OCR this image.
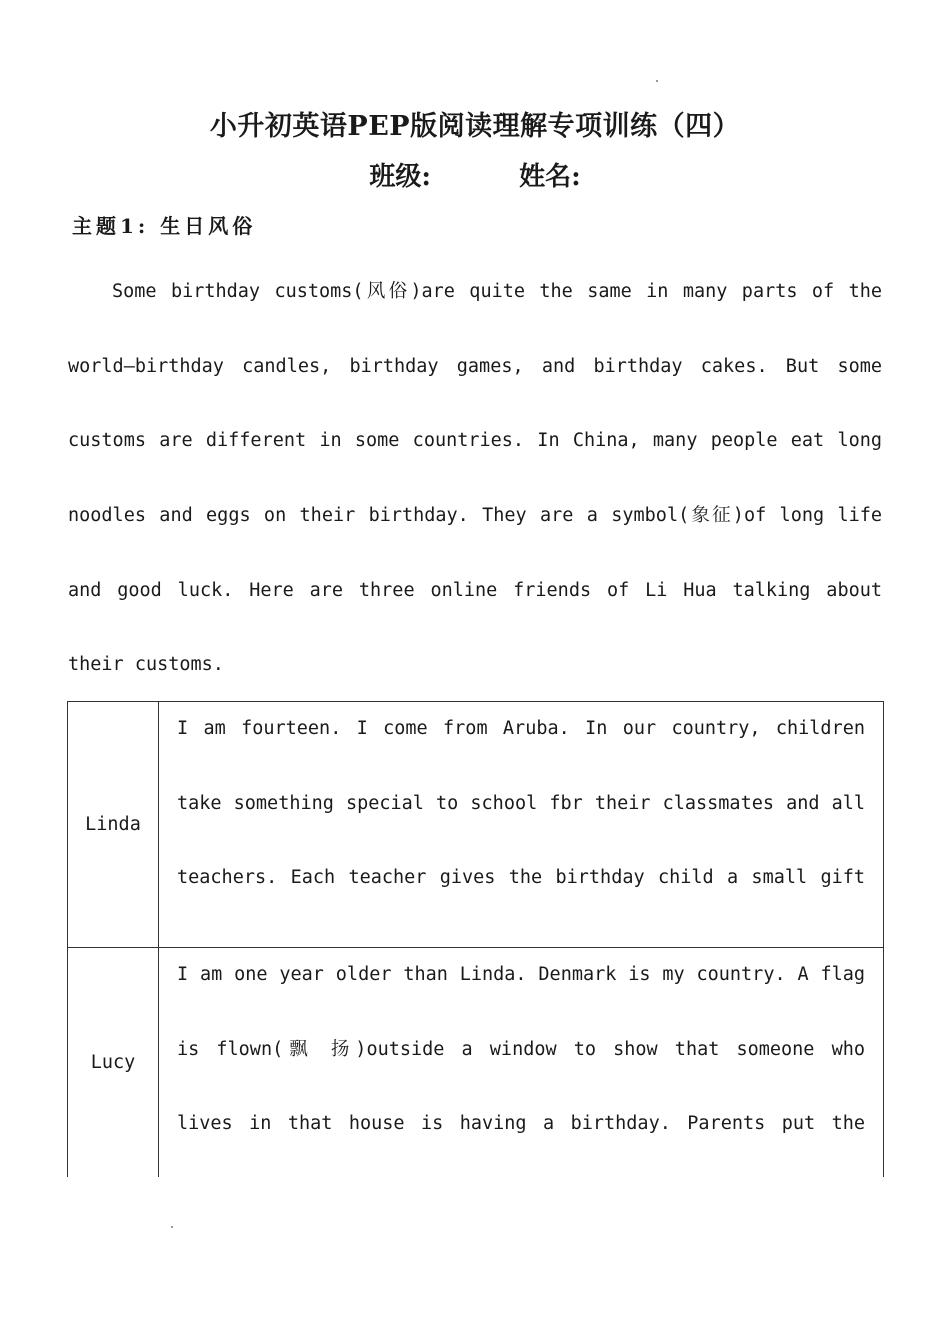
小升初英语PEP版阅读理解专项训练（四）
班级:	姓名:
主题1: 生日风俗
Some birthday customs(风俗)are quite the same in many parts of the
world—birthday candles, birthday games, and birthday cakes. But some
customs are different in some countries. In China, many people eat long
noodles and eggs on their birthday. They are a symbol(象征)of long life
and good luck. Here are three online friends of Li Hua talking about
their customs.
Linda	I am fourteen. I come from Aruba. In our country, children
take something special to school fbr their classmates and all
teachers. Each teacher gives the birthday child a small gift

Lucy	I am one year older than Linda. Denmark is my country. A flag
is flown(飘 扬)outside a window to show that someone who
lives in that house is having a birthday. Parents put the
